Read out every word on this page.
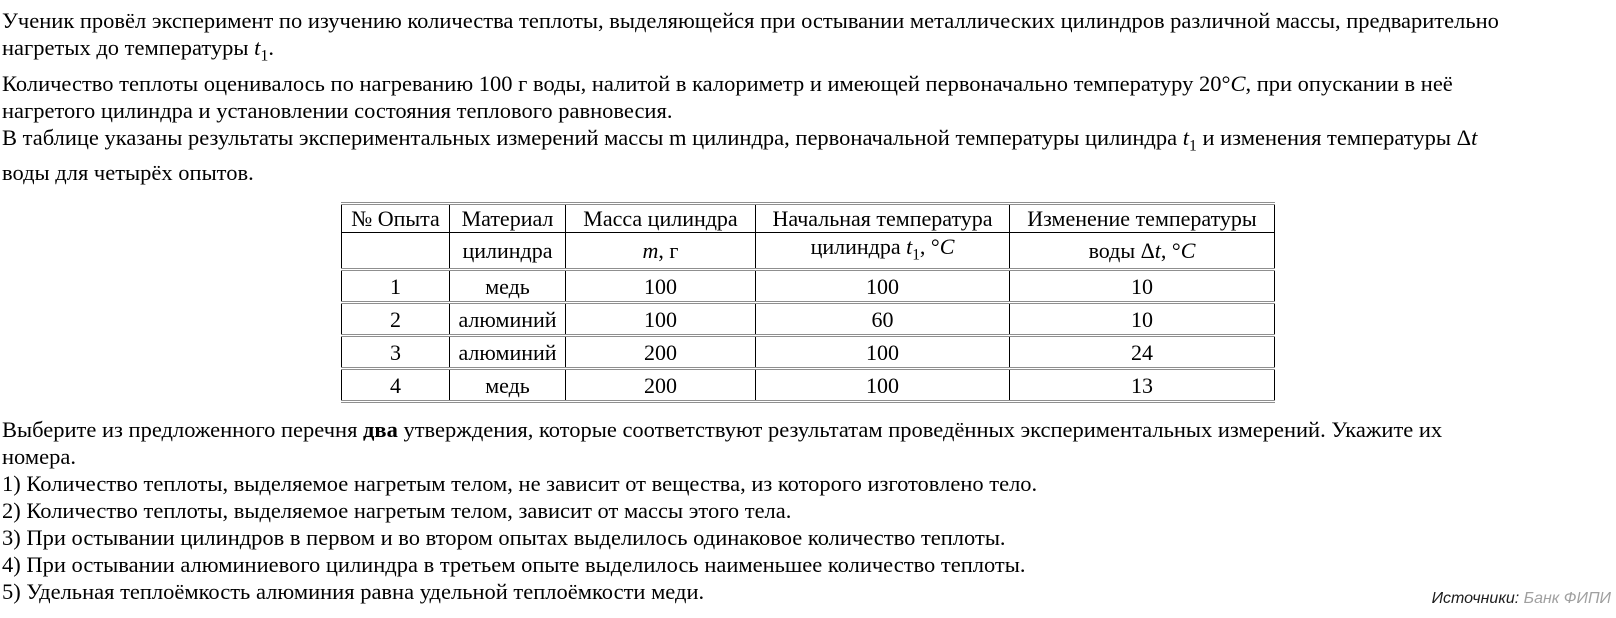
Ученик провёл эксперимент по изучению количества теплоты, выделяющейся при остывании металлических цилиндров различной массы, предварительно
нагретых до температуры $t_1$.

Количество теплоты оценивалось по нагреванию 100 г воды, налитой в калориметр и имеющей первоначально температуру 20°C, при опускании в неё
нагретого цилиндра и установлении состояния теплового равновесия.

В таблице указаны результаты экспериментальных измерений массы m цилиндра, первоначальной температуры цилиндра $t_1$ и изменения температуры Δt
воды для четырёх опытов.

№ Опыта	Материал	Масса цилиндра	Начальная температура	Изменение температуры
	цилиндра	m, г	цилиндра $t_1$, °C	воды Δt, °C
1	медь	100	100	10
2	алюминий	100	60	10
3	алюминий	200	100	24
4	медь	200	100	13

Выберите из предложенного перечня два утверждения, которые соответствуют результатам проведённых экспериментальных измерений. Укажите их
номера.

1) Количество теплоты, выделяемое нагретым телом, не зависит от вещества, из которого изготовлено тело.

2) Количество теплоты, выделяемое нагретым телом, зависит от массы этого тела.

3) При остывании цилиндров в первом и во втором опытах выделилось одинаковое количество теплоты.

4) При остывании алюминиевого цилиндра в третьем опыте выделилось наименьшее количество теплоты.

5) Удельная теплоёмкость алюминия равна удельной теплоёмкости меди.	Источники: Банк ФИПИ
